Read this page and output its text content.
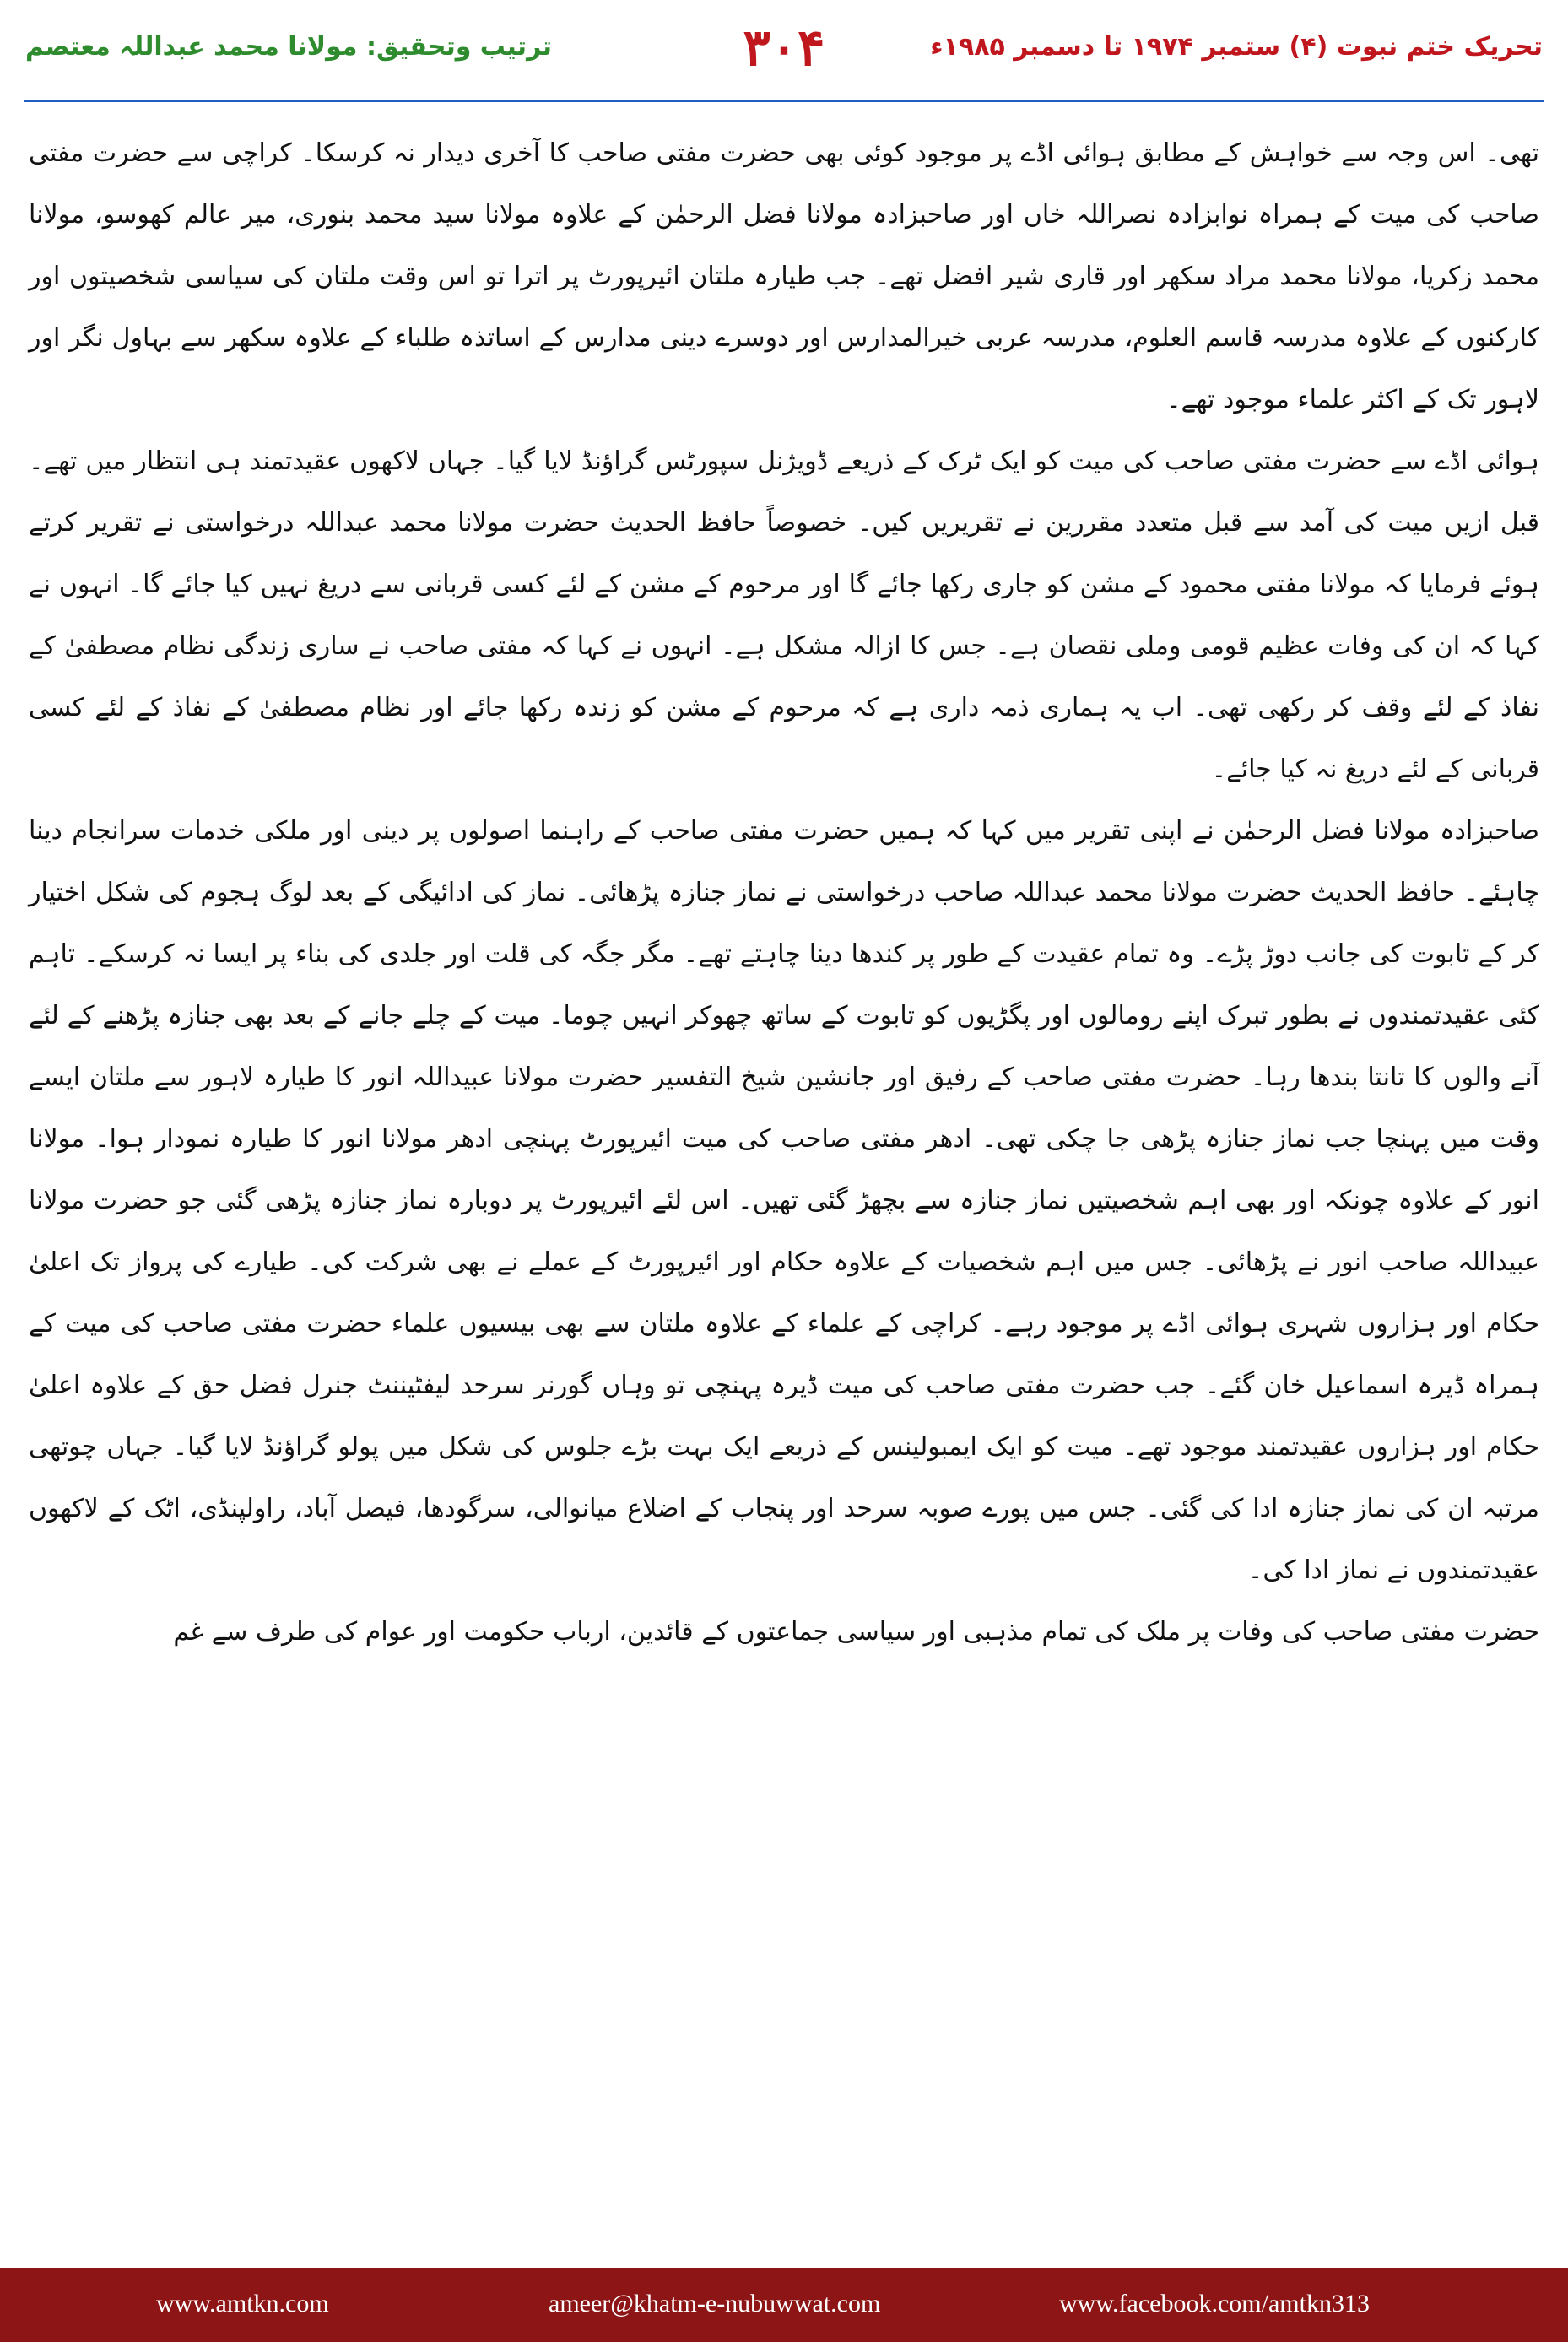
ترتیب وتحقیق: مولانا محمد عبداللہ معتصم	۳۰۴	تحریک ختم نبوت (۴) ستمبر ۱۹۷۴ تا دسمبر ۱۹۸۵ء

تھی۔ اس وجہ سے خواہش کے مطابق ہوائی اڈے پر موجود کوئی بھی حضرت مفتی صاحب کا آخری دیدار نہ کرسکا۔ کراچی سے حضرت مفتی صاحب کی میت کے ہمراہ نوابزادہ نصراللہ خاں اور صاحبزادہ مولانا فضل الرحمٰن کے علاوہ مولانا سید محمد بنوری، میر عالم کھوسو، مولانا محمد زکریا، مولانا محمد مراد سکھر اور قاری شیر افضل تھے۔ جب طیارہ ملتان ائیرپورٹ پر اترا تو اس وقت ملتان کی سیاسی شخصیتوں اور کارکنوں کے علاوہ مدرسہ قاسم العلوم، مدرسہ عربی خیرالمدارس اور دوسرے دینی مدارس کے اساتذہ طلباء کے علاوہ سکھر سے بہاول نگر اور لاہور تک کے اکثر علماء موجود تھے۔

ہوائی اڈے سے حضرت مفتی صاحب کی میت کو ایک ٹرک کے ذریعے ڈویژنل سپورٹس گراؤنڈ لایا گیا۔ جہاں لاکھوں عقیدتمند ہی انتظار میں تھے۔ قبل ازیں میت کی آمد سے قبل متعدد مقررین نے تقریریں کیں۔ خصوصاً حافظ الحدیث حضرت مولانا محمد عبداللہ درخواستی نے تقریر کرتے ہوئے فرمایا کہ مولانا مفتی محمود کے مشن کو جاری رکھا جائے گا اور مرحوم کے مشن کے لئے کسی قربانی سے دریغ نہیں کیا جائے گا۔ انہوں نے کہا کہ ان کی وفات عظیم قومی وملی نقصان ہے۔ جس کا ازالہ مشکل ہے۔ انہوں نے کہا کہ مفتی صاحب نے ساری زندگی نظام مصطفیٰ کے نفاذ کے لئے وقف کر رکھی تھی۔ اب یہ ہماری ذمہ داری ہے کہ مرحوم کے مشن کو زندہ رکھا جائے اور نظام مصطفیٰ کے نفاذ کے لئے کسی قربانی کے لئے دریغ نہ کیا جائے۔

صاحبزادہ مولانا فضل الرحمٰن نے اپنی تقریر میں کہا کہ ہمیں حضرت مفتی صاحب کے راہنما اصولوں پر دینی اور ملکی خدمات سرانجام دینا چاہئے۔ حافظ الحدیث حضرت مولانا محمد عبداللہ صاحب درخواستی نے نماز جنازہ پڑھائی۔ نماز کی ادائیگی کے بعد لوگ ہجوم کی شکل اختیار کر کے تابوت کی جانب دوڑ پڑے۔ وہ تمام عقیدت کے طور پر کندھا دینا چاہتے تھے۔ مگر جگہ کی قلت اور جلدی کی بناء پر ایسا نہ کرسکے۔ تاہم کئی عقیدتمندوں نے بطور تبرک اپنے رومالوں اور پگڑیوں کو تابوت کے ساتھ چھوکر انہیں چوما۔ میت کے چلے جانے کے بعد بھی جنازہ پڑھنے کے لئے آنے والوں کا تانتا بندھا رہا۔ حضرت مفتی صاحب کے رفیق اور جانشین شیخ التفسیر حضرت مولانا عبیداللہ انور کا طیارہ لاہور سے ملتان ایسے وقت میں پہنچا جب نماز جنازہ پڑھی جا چکی تھی۔ ادھر مفتی صاحب کی میت ائیرپورٹ پہنچی ادھر مولانا انور کا طیارہ نمودار ہوا۔ مولانا انور کے علاوہ چونکہ اور بھی اہم شخصیتیں نماز جنازہ سے بچھڑ گئی تھیں۔ اس لئے ائیرپورٹ پر دوبارہ نماز جنازہ پڑھی گئی جو حضرت مولانا عبیداللہ صاحب انور نے پڑھائی۔ جس میں اہم شخصیات کے علاوہ حکام اور ائیرپورٹ کے عملے نے بھی شرکت کی۔ طیارے کی پرواز تک اعلیٰ حکام اور ہزاروں شہری ہوائی اڈے پر موجود رہے۔ کراچی کے علماء کے علاوہ ملتان سے بھی بیسیوں علماء حضرت مفتی صاحب کی میت کے ہمراہ ڈیرہ اسماعیل خان گئے۔ جب حضرت مفتی صاحب کی میت ڈیرہ پہنچی تو وہاں گورنر سرحد لیفٹیننٹ جنرل فضل حق کے علاوہ اعلیٰ حکام اور ہزاروں عقیدتمند موجود تھے۔ میت کو ایک ایمبولینس کے ذریعے ایک بہت بڑے جلوس کی شکل میں پولو گراؤنڈ لایا گیا۔ جہاں چوتھی مرتبہ ان کی نماز جنازہ ادا کی گئی۔ جس میں پورے صوبہ سرحد اور پنجاب کے اضلاع میانوالی، سرگودھا، فیصل آباد، راولپنڈی، اٹک کے لاکھوں عقیدتمندوں نے نماز ادا کی۔

حضرت مفتی صاحب کی وفات پر ملک کی تمام مذہبی اور سیاسی جماعتوں کے قائدین، ارباب حکومت اور عوام کی طرف سے غم

www.amtkn.com	ameer@khatm-e-nubuwwat.com	www.facebook.com/amtkn313
